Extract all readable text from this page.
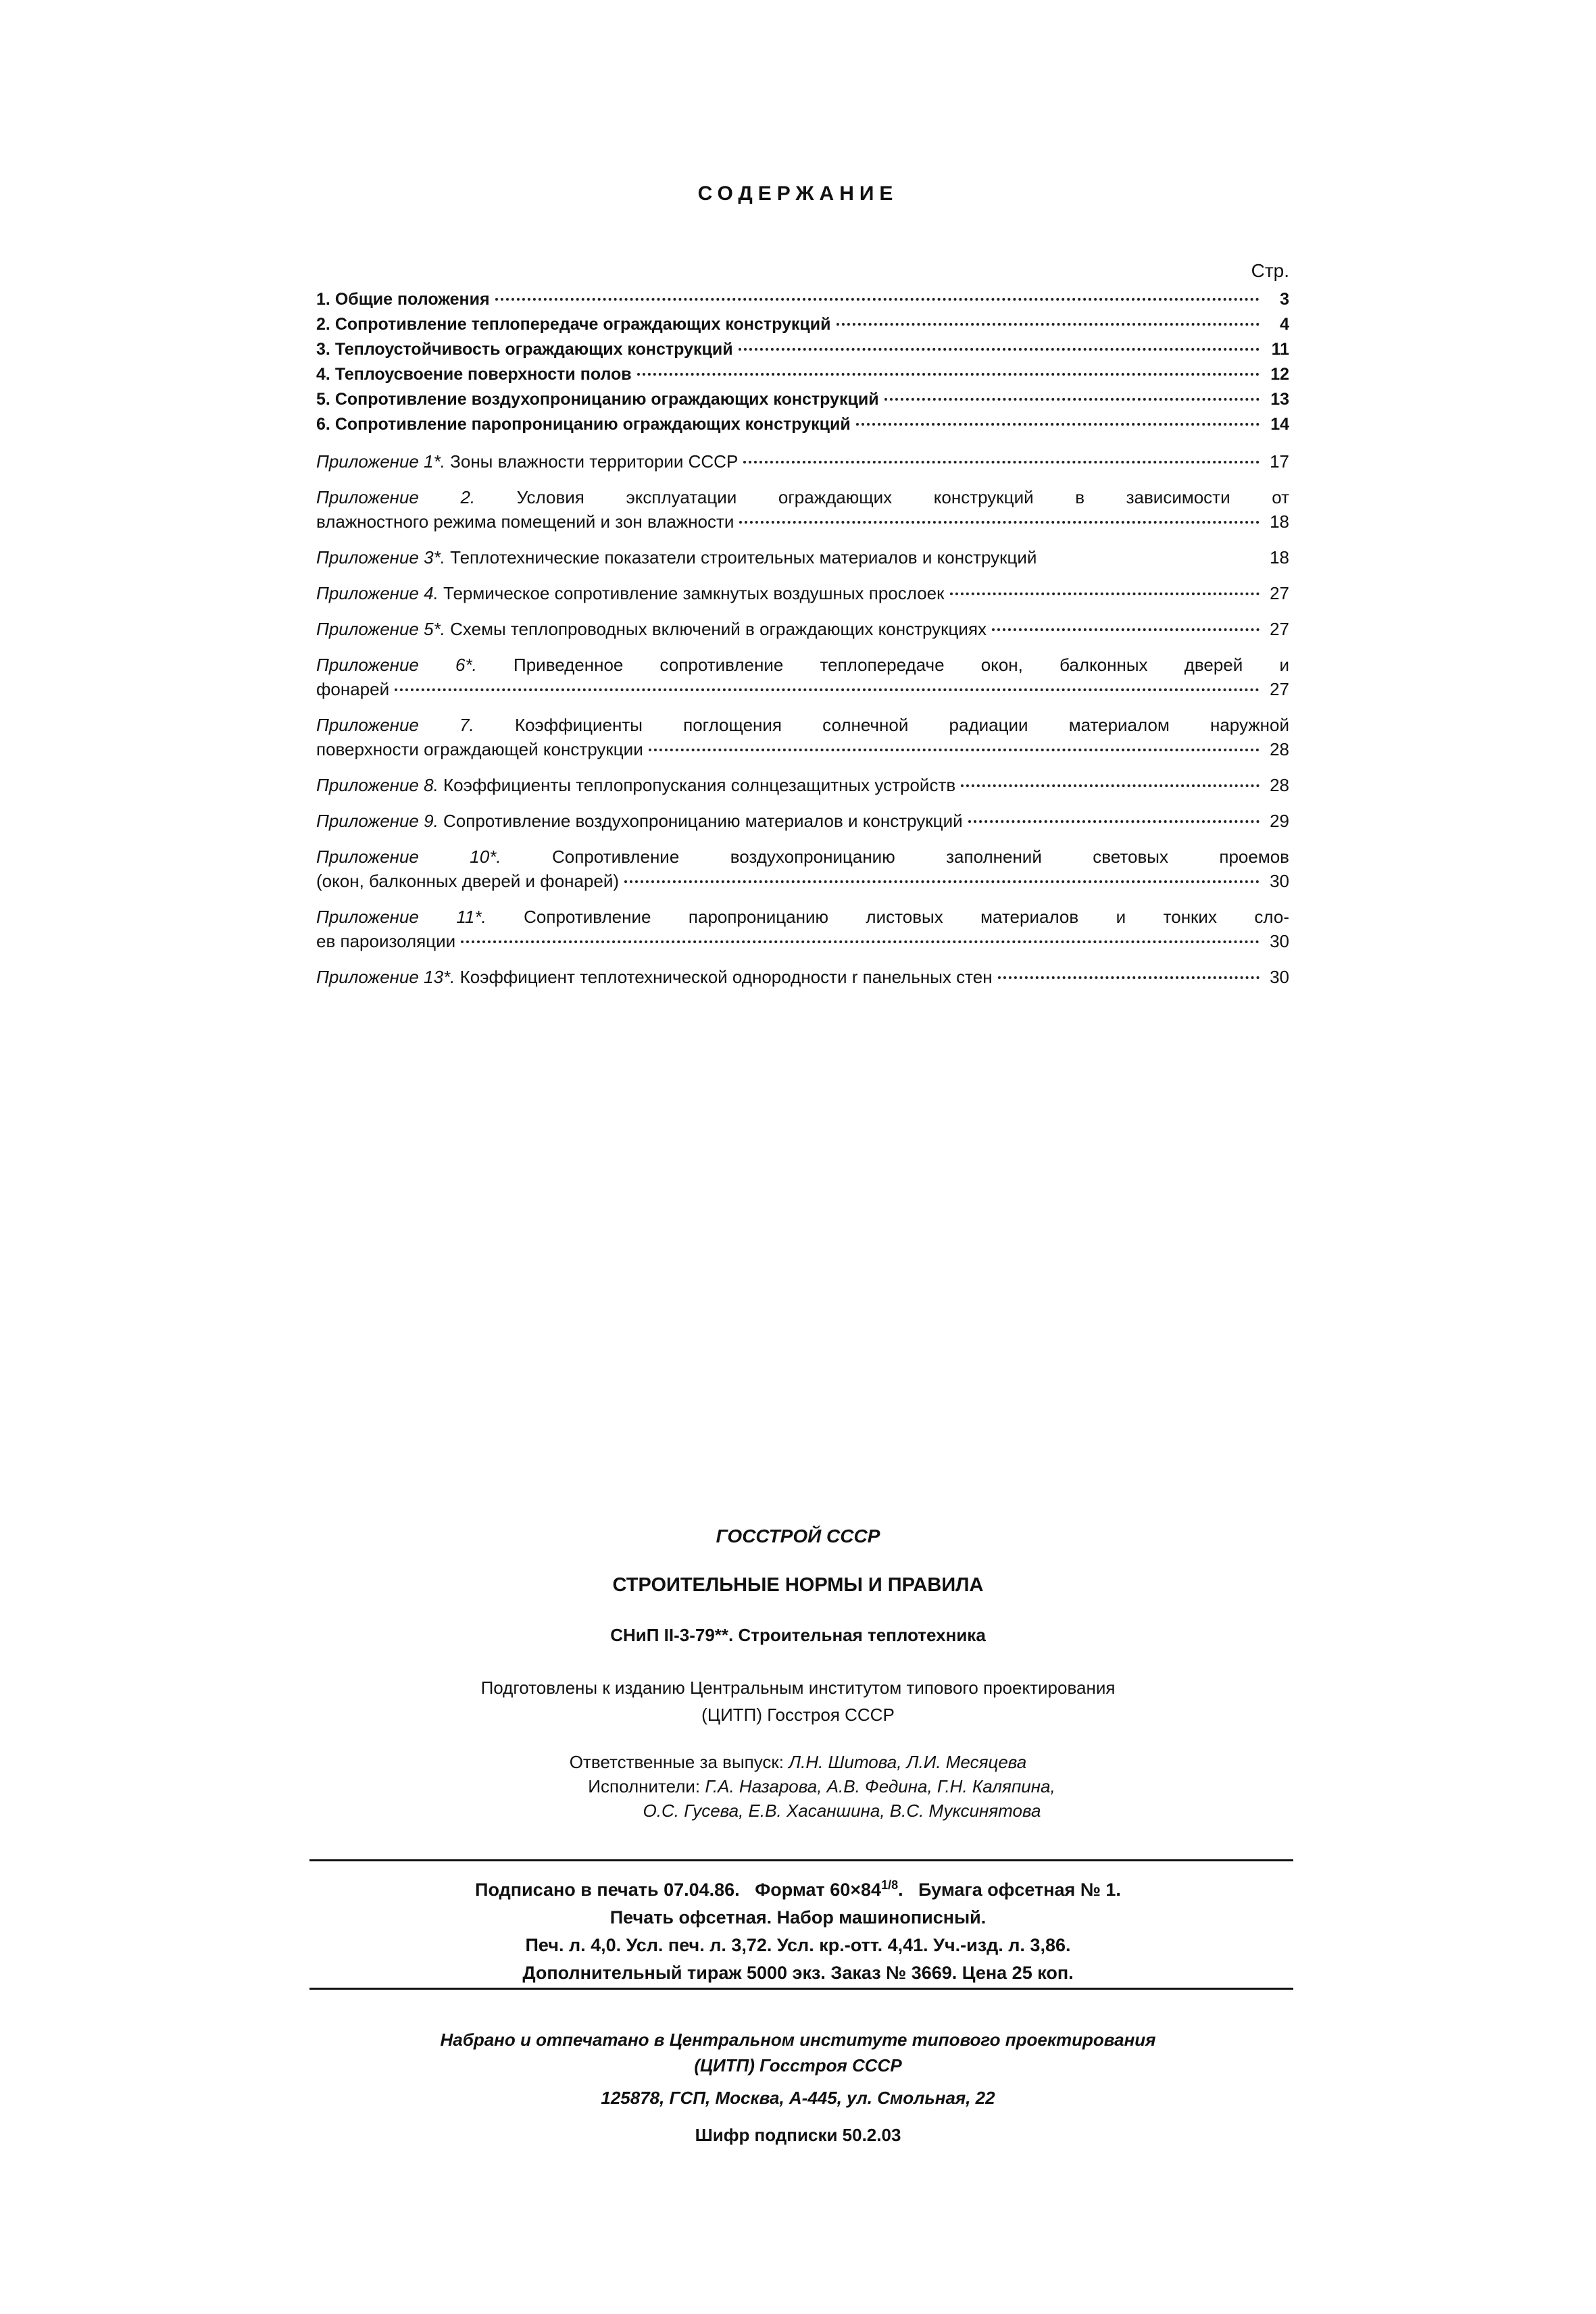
СОДЕРЖАНИЕ
Стр.
1. Общие положения	3
2. Сопротивление теплопередаче ограждающих конструкций	4
3. Теплоустойчивость ограждающих конструкций	11
4. Теплоусвоение поверхности полов	12
5. Сопротивление воздухопроницанию ограждающих конструкций	13
6. Сопротивление паропроницанию ограждающих конструкций	14
Приложение 1*. Зоны влажности территории СССР	17
Приложение 2. Условия эксплуатации ограждающих конструкций в зависимости от
влажностного режима помещений и зон влажности	18
Приложение 3*. Теплотехнические показатели строительных материалов и конструкций	18
Приложение 4. Термическое сопротивление замкнутых воздушных прослоек	27
Приложение 5*. Схемы теплопроводных включений в ограждающих конструкциях	27
Приложение 6*. Приведенное сопротивление теплопередаче окон, балконных дверей и
фонарей	27
Приложение 7. Коэффициенты поглощения солнечной радиации материалом наружной
поверхности ограждающей конструкции	28
Приложение 8. Коэффициенты теплопропускания солнцезащитных устройств	28
Приложение 9. Сопротивление воздухопроницанию материалов и конструкций	29
Приложение 10*.	Сопротивление воздухопроницанию заполнений световых проемов
(окон, балконных дверей и фонарей)	30
Приложение 11*. Сопротивление паропроницанию листовых материалов и тонких сло-
ев пароизоляции	30
Приложение 13*. Коэффициент теплотехнической однородности r панельных стен	30
ГОССТРОЙ СССР
СТРОИТЕЛЬНЫЕ НОРМЫ И ПРАВИЛА
СНиП II-3-79**. Строительная теплотехника
Подготовлены к изданию Центральным институтом типового проектирования
(ЦИТП) Госстроя СССР
Ответственные за выпуск: Л.Н. Шитова, Л.И. Месяцева
Исполнители: Г.А. Назарова, А.В. Федина, Г.Н. Каляпина,
О.С. Гусева, Е.В. Хасаншина, В.С. Муксинятова
Подписано в печать 07.04.86. Формат $60\times 84^{1/8}$.   Бумага офсетная № 1.
Печать офсетная. Набор машинописный.
Печ. л. 4,0. Усл. печ. л. 3,72. Усл. кр.-отт. 4,41. Уч.-изд. л. 3,86.
Дополнительный тираж 5000 экз. Заказ № 3669. Цена 25 коп.
Набрано и отпечатано в Центральном институте типового проектирования
(ЦИТП) Госстроя СССР
125878, ГСП, Москва, А-445, ул. Смольная, 22
Шифр подписки 50.2.03
